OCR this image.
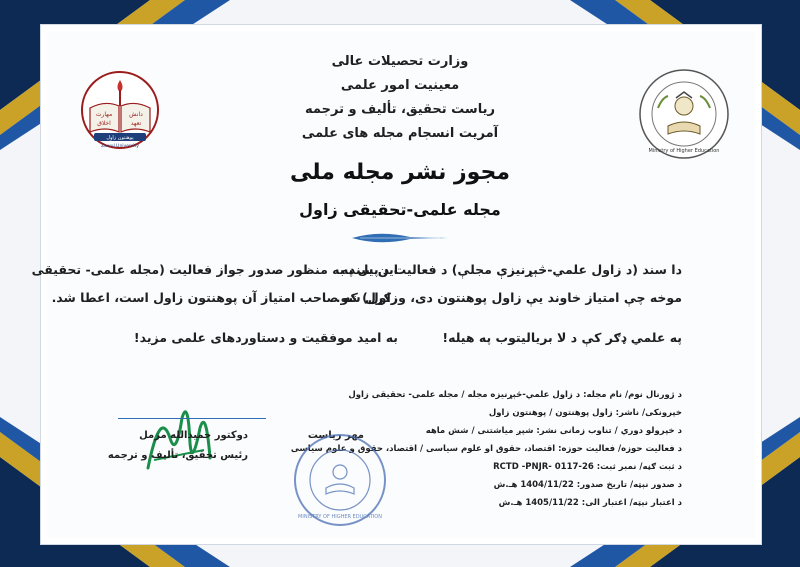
مهارت	دانش
اخلاق	تعهد
پوهنتون زاول
Zawul University
Ministry of Higher Education
وزارت تحصیلات عالی
معینیت امور علمی
ریاست تحقیق، تألیف و ترجمه
آمریت انسجام مجله های علمی
مجوز نشر مجله ملی
مجله علمی-تحقیقی زاول
دا سند (د زاول علمي-څېړنيزې مجلې) د فعالیت د پيل په
موخه چې امتياز خاوند يې زاول پوهنتون دی، ورکړل شو.
په علمي ډګر کې د لا برياليتوب په هيله!
این سند به منظور صدور جواز فعالیت (مجله علمی- تحقیقی
زاول) که صاحب امتیاز آن پوهنتون زاول است، اعطا شد.
به امید موفقیت و دستاوردهای علمی مزید!
د ژورنال نوم/ نام مجله: د زاول علمي-څېړنيزه مجله / مجله علمی- تحقیقی زاول
خپرونکی/ ناشر: زاول پوهنتون / پوهنتون زاول
د خپرولو دوري / تناوب زمانی نشر: شپږ مياشتنی / شش ماهه
د فعالیت حوزه/ فعالیت حوزه: اقتصاد، حقوق او علوم سیاسی / اقتصاد، حقوق و علوم سیاسی
د ثبت ګڼه/ نمبر ثبت: RCTD -PNJR- 0117-26
د صدور نېټه/ تاریخ صدور: 1404/11/22 هـ.ش
د اعتبار نېټه/ اعتبار الی: 1405/11/22 هـ.ش
مهر ریاست
MINISTRY OF HIGHER EDUCATION
دوکتور حمیدالله مزمل
رئیس تحقیق، تألیف و ترجمه
